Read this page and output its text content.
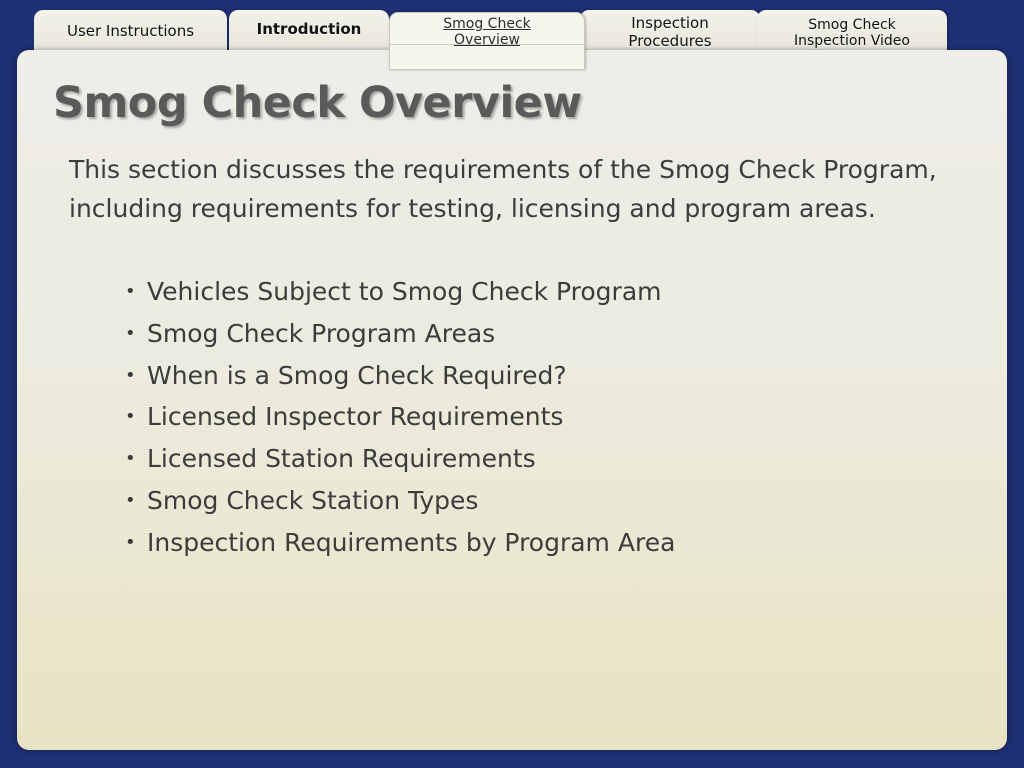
User Instructions	Introduction	Smog Check Overview
Inspection Procedures
Smog Check Inspection Video
Smog Check Overview

This section discusses the requirements of the Smog Check Program, including requirements for testing, licensing and program areas.

• Vehicles Subject to Smog Check Program
• Smog Check Program Areas
• When is a Smog Check Required?
• Licensed Inspector Requirements
• Licensed Station Requirements
• Smog Check Station Types
• Inspection Requirements by Program Area
